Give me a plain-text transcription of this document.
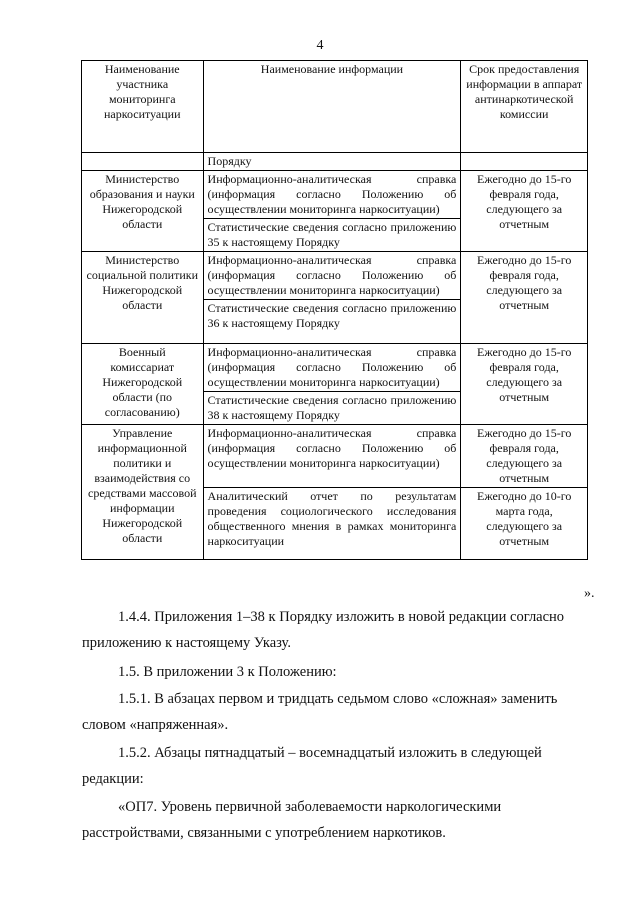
4
Наименование участника мониторинга наркоситуации	Наименование информации	Срок предоставления информации в аппарат антинаркотической комиссии
	Порядку	
Министерство образования и науки Нижегородской области	Информационно-аналитическая справка (информация согласно Положению об осуществлении мониторинга наркоситуации)	Ежегодно до 15-го февраля года, следующего за отчетным
	Статистические сведения согласно приложению 35 к настоящему Порядку	
Министерство социальной политики Нижегородской области	Информационно-аналитическая справка (информация согласно Положению об осуществлении мониторинга наркоситуации)	Ежегодно до 15-го февраля года, следующего за отчетным
	Статистические сведения согласно приложению 36 к настоящему Порядку	
Военный комиссариат Нижегородской области (по согласованию)	Информационно-аналитическая справка (информация согласно Положению об осуществлении мониторинга наркоситуации)	Ежегодно до 15-го февраля года, следующего за отчетным
	Статистические сведения согласно приложению 38 к настоящему Порядку	
Управление информационной политики и взаимодействия со средствами массовой информации Нижегородской области	Информационно-аналитическая справка (информация согласно Положению об осуществлении мониторинга наркоситуации)	Ежегодно до 15-го февраля года, следующего за отчетным
	Аналитический отчет по результатам проведения социологического исследования общественного мнения в рамках мониторинга наркоситуации	Ежегодно до 10-го марта года, следующего за отчетным
».
1.4.4. Приложения 1–38 к Порядку изложить в новой редакции согласно
приложению к настоящему Указу.
1.5. В приложении 3 к Положению:
1.5.1. В абзацах первом и тридцать седьмом слово «сложная» заменить
словом «напряженная».
1.5.2. Абзацы пятнадцатый – восемнадцатый изложить в следующей
редакции:
«ОП7. Уровень первичной заболеваемости наркологическими
расстройствами, связанными с употреблением наркотиков.
